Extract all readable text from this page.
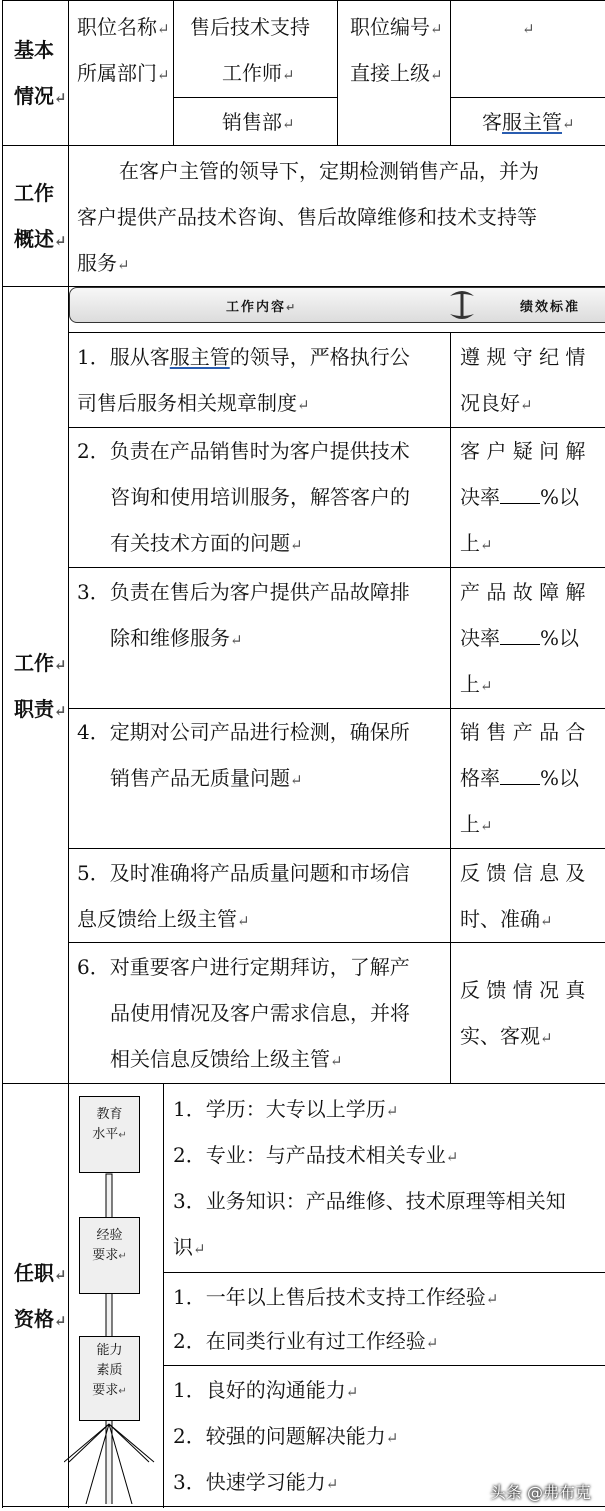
基本
情况↵
职位名称↵
所属部门↵
售后技术支持
工作师↵
销售部↵
职位编号↵
直接上级↵
↵
客服主管↵
工作
概述↵
在客户主管的领导下，定期检测销售产品，并为
客户提供产品技术咨询、售后故障维修和技术支持等
服务↵
工作↵
职责↵
工作内容↵	绩效标准
1．服从客服主管的领导，严格执行公
司售后服务相关规章制度↵
遵 规 守 纪 情
况良好↵
2．负责在产品销售时为客户提供技术
咨询和使用培训服务，解答客户的
有关技术方面的问题↵
客 户 疑 问 解
决率 %以
上↵
3．负责在售后为客户提供产品故障排
除和维修服务↵
产 品 故 障 解
决率 %以
上↵
4．定期对公司产品进行检测，确保所
销售产品无质量问题↵
销 售 产 品 合
格率 %以
上↵
5．及时准确将产品质量问题和市场信
息反馈给上级主管↵
反 馈 信 息 及
时、准确↵
6．对重要客户进行定期拜访，了解产
品使用情况及客户需求信息，并将
相关信息反馈给上级主管↵
反 馈 情 况 真
实、客观↵
任职↵
资格↵
教育
水平↵
经验
要求↵
能力
素质
要求↵
1．学历：大专以上学历↵
2．专业：与产品技术相关专业↵
3．业务知识：产品维修、技术原理等相关知
识↵
1．一年以上售后技术支持工作经验↵
2．在同类行业有过工作经验↵
1．良好的沟通能力↵
2．较强的问题解决能力↵
3．快速学习能力↵	头条 @弗布克
